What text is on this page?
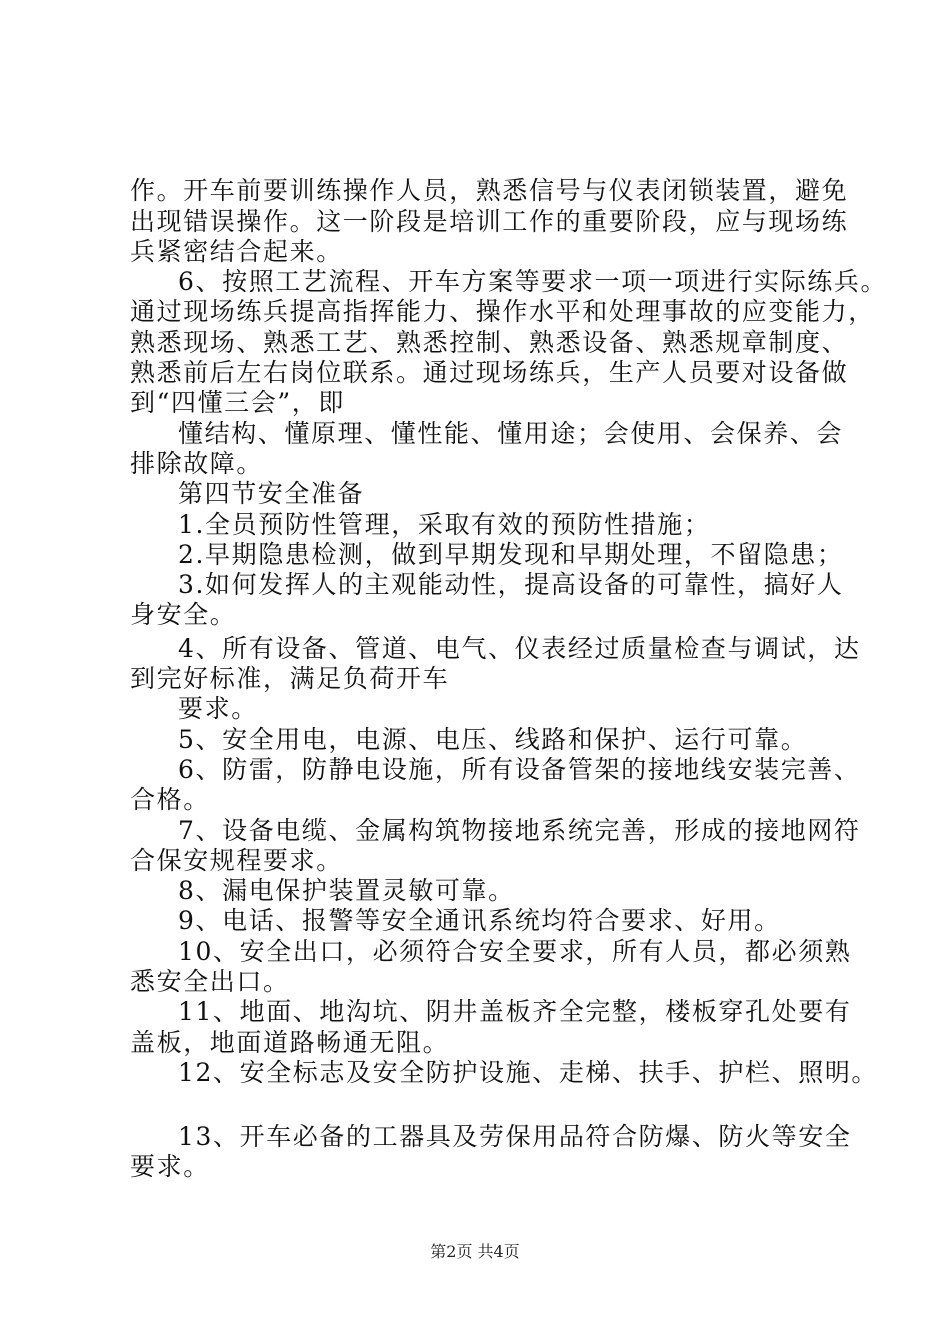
作。开车前要训练操作人员，熟悉信号与仪表闭锁装置，避免
出现错误操作。这一阶段是培训工作的重要阶段，应与现场练
兵紧密结合起来。
6、按照工艺流程、开车方案等要求一项一项进行实际练兵。
通过现场练兵提高指挥能力、操作水平和处理事故的应变能力，
熟悉现场、熟悉工艺、熟悉控制、熟悉设备、熟悉规章制度、
熟悉前后左右岗位联系。通过现场练兵，生产人员要对设备做
到“四懂三会”，即
懂结构、懂原理、懂性能、懂用途；会使用、会保养、会
排除故障。
第四节安全准备
1.全员预防性管理，采取有效的预防性措施；
2.早期隐患检测，做到早期发现和早期处理，不留隐患；
3.如何发挥人的主观能动性，提高设备的可靠性，搞好人
身安全。
4、所有设备、管道、电气、仪表经过质量检查与调试，达
到完好标准，满足负荷开车
要求。
5、安全用电，电源、电压、线路和保护、运行可靠。
6、防雷，防静电设施，所有设备管架的接地线安装完善、
合格。
7、设备电缆、金属构筑物接地系统完善，形成的接地网符
合保安规程要求。
8、漏电保护装置灵敏可靠。
9、电话、报警等安全通讯系统均符合要求、好用。
10、安全出口，必须符合安全要求，所有人员，都必须熟
悉安全出口。
11、地面、地沟坑、阴井盖板齐全完整，楼板穿孔处要有
盖板，地面道路畅通无阻。
12、安全标志及安全防护设施、走梯、扶手、护栏、照明。
13、开车必备的工器具及劳保用品符合防爆、防火等安全
要求。
第2页 共4页
